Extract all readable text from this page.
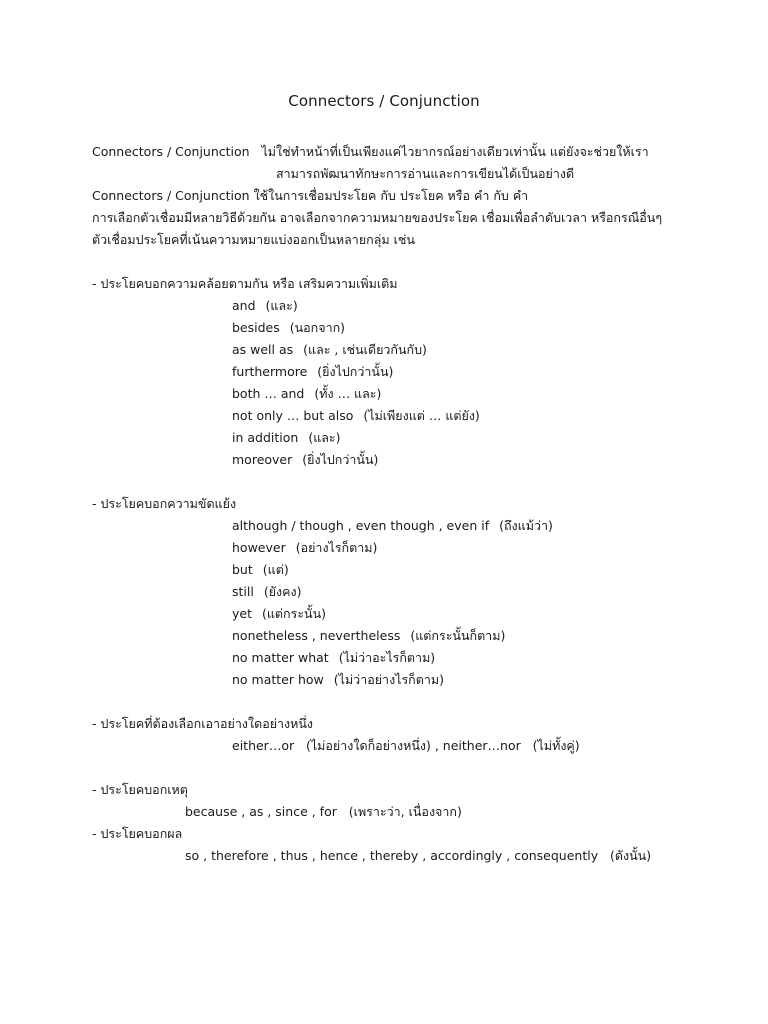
Connectors / Conjunction
Connectors / Conjunction ไม่ใช่ทำหน้าที่เป็นเพียงแค่ไวยากรณ์อย่างเดียวเท่านั้น แต่ยังจะช่วยให้เรา
สามารถพัฒนาทักษะการอ่านและการเขียนได้เป็นอย่างดี
Connectors / Conjunction ใช้ในการเชื่อมประโยค กับ ประโยค หรือ คำ กับ คำ
การเลือกตัวเชื่อมมีหลายวิธีด้วยกัน อาจเลือกจากความหมายของประโยค เชื่อมเพื่อลำดับเวลา หรือกรณีอื่นๆ
ตัวเชื่อมประโยคที่เน้นความหมายแบ่งออกเป็นหลายกลุ่ม เช่น
- ประโยคบอกความคล้อยตามกัน หรือ เสริมความเพิ่มเติม
and (และ)
besides (นอกจาก)
as well as (และ , เช่นเดียวกันกับ)
furthermore (ยิ่งไปกว่านั้น)
both … and (ทั้ง … และ)
not only … but also (ไม่เพียงแต่ … แต่ยัง)
in addition (และ)
moreover (ยิ่งไปกว่านั้น)
- ประโยคบอกความขัดแย้ง
although / though , even though , even if (ถึงแม้ว่า)
however (อย่างไรก็ตาม)
but (แต่)
still (ยังคง)
yet (แต่กระนั้น)
nonetheless , nevertheless (แต่กระนั้นก็ตาม)
no matter what (ไม่ว่าอะไรก็ตาม)
no matter how (ไม่ว่าอย่างไรก็ตาม)
- ประโยคที่ต้องเลือกเอาอย่างใดอย่างหนึ่ง
either…or   (ไม่อย่างใดก็อย่างหนึ่ง) , neither…nor   (ไม่ทั้งคู่)
- ประโยคบอกเหตุ
because , as , since , for   (เพราะว่า, เนื่องจาก)
- ประโยคบอกผล
so , therefore , thus , hence , thereby , accordingly , consequently   (ดังนั้น)
